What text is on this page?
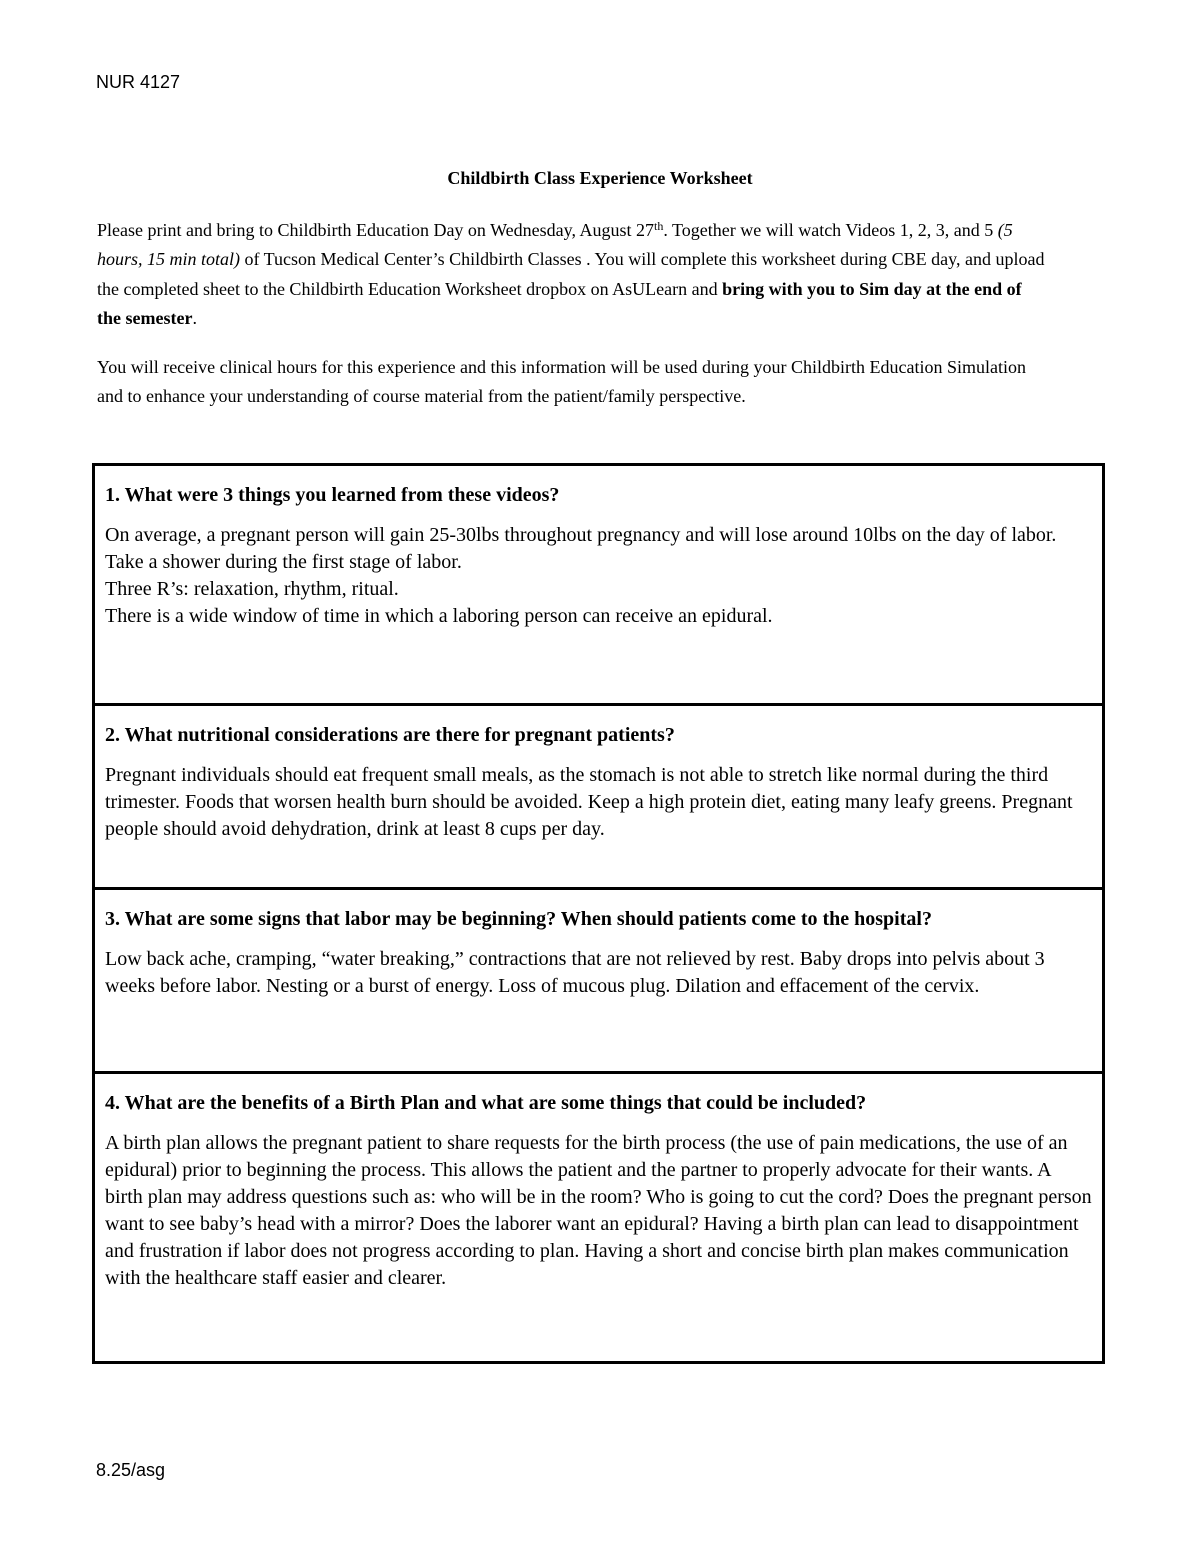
NUR 4127
Childbirth Class Experience Worksheet
Please print and bring to Childbirth Education Day on Wednesday, August 27th. Together we will watch Videos 1, 2, 3, and 5 (5 hours, 15 min total) of Tucson Medical Center’s Childbirth Classes . You will complete this worksheet during CBE day, and upload the completed sheet to the Childbirth Education Worksheet dropbox on AsULearn and bring with you to Sim day at the end of the semester.
You will receive clinical hours for this experience and this information will be used during your Childbirth Education Simulation and to enhance your understanding of course material from the patient/family perspective.

1. What were 3 things you learned from these videos?

On average, a pregnant person will gain 25-30lbs throughout pregnancy and will lose around 10lbs on the day of labor.
Take a shower during the first stage of labor.
Three R’s: relaxation, rhythm, ritual.
There is a wide window of time in which a laboring person can receive an epidural.

2. What nutritional considerations are there for pregnant patients?

Pregnant individuals should eat frequent small meals, as the stomach is not able to stretch like normal during the third trimester. Foods that worsen health burn should be avoided. Keep a high protein diet, eating many leafy greens. Pregnant people should avoid dehydration, drink at least 8 cups per day.

3. What are some signs that labor may be beginning? When should patients come to the hospital?

Low back ache, cramping, “water breaking,” contractions that are not relieved by rest. Baby drops into pelvis about 3 weeks before labor. Nesting or a burst of energy. Loss of mucous plug. Dilation and effacement of the cervix.

4. What are the benefits of a Birth Plan and what are some things that could be included?

A birth plan allows the pregnant patient to share requests for the birth process (the use of pain medications, the use of an epidural) prior to beginning the process. This allows the patient and the partner to properly advocate for their wants. A birth plan may address questions such as: who will be in the room? Who is going to cut the cord? Does the pregnant person want to see baby’s head with a mirror? Does the laborer want an epidural? Having a birth plan can lead to disappointment and frustration if labor does not progress according to plan. Having a short and concise birth plan makes communication with the healthcare staff easier and clearer.

8.25/asg
